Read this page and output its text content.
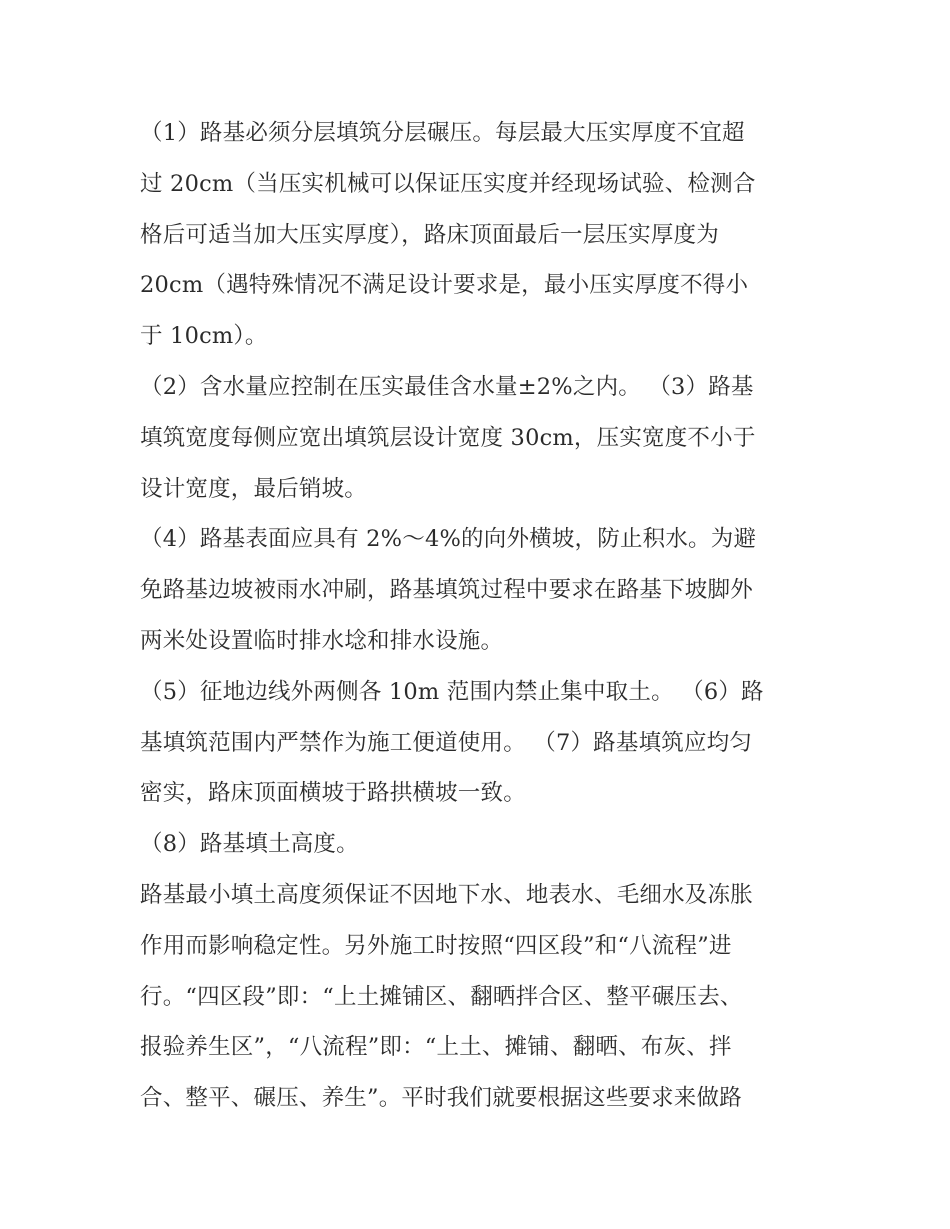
（1）路基必须分层填筑分层碾压。每层最大压实厚度不宜超
过 20cm（当压实机械可以保证压实度并经现场试验、检测合
格后可适当加大压实厚度），路床顶面最后一层压实厚度为
20cm（遇特殊情况不满足设计要求是，最小压实厚度不得小
于 10cm）。
（2）含水量应控制在压实最佳含水量±2%之内。 （3）路基
填筑宽度每侧应宽出填筑层设计宽度 30cm，压实宽度不小于
设计宽度，最后销坡。
（4）路基表面应具有 2%～4%的向外横坡，防止积水。为避
免路基边坡被雨水冲刷，路基填筑过程中要求在路基下坡脚外
两米处设置临时排水埝和排水设施。
（5）征地边线外两侧各 10m 范围内禁止集中取土。 （6）路
基填筑范围内严禁作为施工便道使用。 （7）路基填筑应均匀
密实，路床顶面横坡于路拱横坡一致。
（8）路基填土高度。
路基最小填土高度须保证不因地下水、地表水、毛细水及冻胀
作用而影响稳定性。另外施工时按照“四区段”和“八流程”进
行。“四区段”即：“上土摊铺区、翻晒拌合区、整平碾压去、
报验养生区”，“八流程”即：“上土、摊铺、翻晒、布灰、拌
合、整平、碾压、养生”。平时我们就要根据这些要求来做路
